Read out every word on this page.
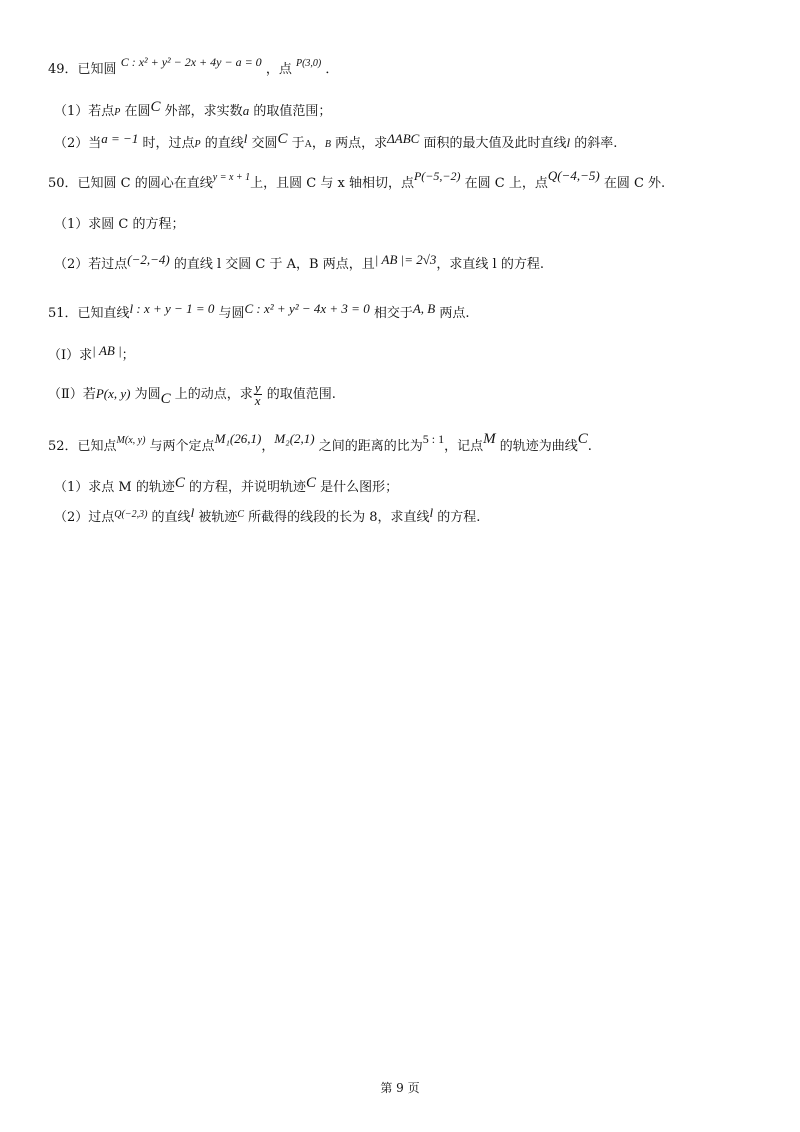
49．已知圆 C : x² + y² − 2x + 4y − a = 0 ，点 $^{P(3,0)}$ ．
（1）若点P 在圆C 外部，求实数a 的取值范围；
（2）当a = −1 时，过点P 的直线l 交圆C 于A，B 两点，求ΔABC 面积的最大值及此时直线l 的斜率.
50．已知圆 C 的圆心在直线$^{y = x + 1}$上，且圆 C 与 x 轴相切，点P(−5,−2) 在圆 C 上，点Q(−4,−5) 在圆 C 外.
（1）求圆 C 的方程；
（2）若过点(−2,−4) 的直线 l 交圆 C 于 A，B 两点，且| AB |= 2√3，求直线 l 的方程.
51．已知直线l : x + y − 1 = 0 与圆C : x² + y² − 4x + 3 = 0 相交于A, B 两点.
（Ⅰ）求| AB |；
（Ⅱ）若P(x, y) 为圆C 上的动点，求 $\frac{y}{x}$ 的取值范围.
52．已知点$^{M(x, y)}$ 与两个定点M₁(26,1)，M₂(2,1) 之间的距离的比为5 : 1，记点M 的轨迹为曲线C.
（1）求点 M 的轨迹C 的方程，并说明轨迹C 是什么图形；
（2）过点$^{Q(-2,3)}$ 的直线l 被轨迹$^C$ 所截得的线段的长为 8，求直线l 的方程.
第 9 页
